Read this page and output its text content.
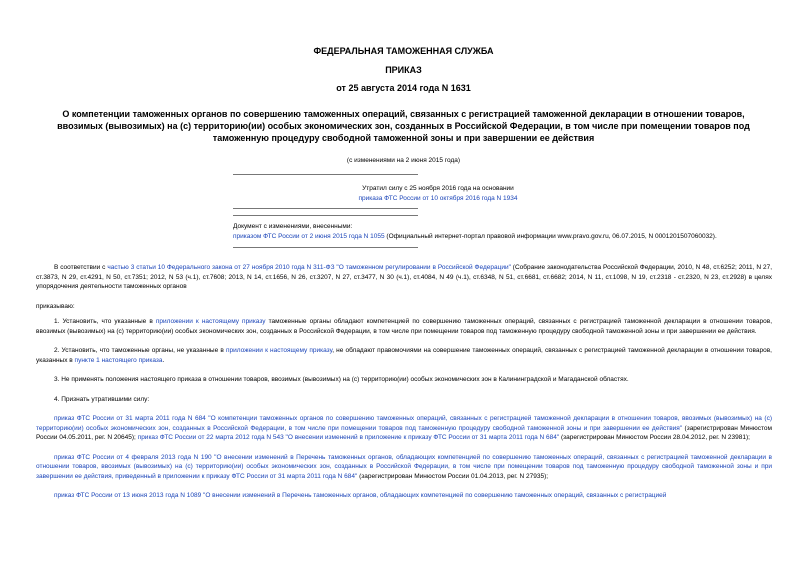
ФЕДЕРАЛЬНАЯ ТАМОЖЕННАЯ СЛУЖБА
ПРИКАЗ
от 25 августа 2014 года N 1631
О компетенции таможенных органов по совершению таможенных операций, связанных с регистрацией таможенной декларации в отношении товаров, ввозимых (вывозимых) на (с) территорию(ии) особых экономических зон, созданных в Российской Федерации, в том числе при помещении товаров под таможенную процедуру свободной таможенной зоны и при завершении ее действия
(с изменениями на 2 июня 2015 года)
Утратил силу с 25 ноября 2016 года на основании
приказа ФТС России от 10 октября 2016 года N 1934
Документ с изменениями, внесенными:
приказом ФТС России от 2 июня 2015 года N 1055 (Официальный интернет-портал правовой информации www.pravo.gov.ru, 06.07.2015, N 0001201507060032).

В соответствии с частью 3 статьи 10 Федерального закона от 27 ноября 2010 года N 311-ФЗ "О таможенном регулировании в Российской Федерации" (Собрание законодательства Российской Федерации, 2010, N 48, ст.6252; 2011, N 27, ст.3873, N 29, ст.4291, N 50, ст.7351; 2012, N 53 (ч.1), ст.7608; 2013, N 14, ст.1656, N 26, ст.3207, N 27, ст.3477, N 30 (ч.1), ст.4084, N 49 (ч.1), ст.6348, N 51, ст.6681, ст.6682; 2014, N 11, ст.1098, N 19, ст.2318 - ст.2320, N 23, ст.2928) в целях упорядочения деятельности таможенных органов

приказываю:

1. Установить, что указанные в приложении к настоящему приказу таможенные органы обладают компетенцией по совершению таможенных операций, связанных с регистрацией таможенной декларации в отношении товаров, ввозимых (вывозимых) на (с) территорию(ии) особых экономических зон, созданных в Российской Федерации, в том числе при помещении товаров под таможенную процедуру свободной таможенной зоны и при завершении ее действия.

2. Установить, что таможенные органы, не указанные в приложении к настоящему приказу, не обладают правомочиями на совершение таможенных операций, связанных с регистрацией таможенной декларации в отношении товаров, указанных в пункте 1 настоящего приказа.

3. Не применять положения настоящего приказа в отношении товаров, ввозимых (вывозимых) на (с) территорию(ии) особых экономических зон в Калининградской и Магаданской областях.

4. Признать утратившими силу:

приказ ФТС России от 31 марта 2011 года N 684 "О компетенции таможенных органов по совершению таможенных операций, связанных с регистрацией таможенной декларации в отношении товаров, ввозимых (вывозимых) на (с) территорию(ии) особых экономических зон, созданных в Российской Федерации, в том числе при помещении товаров под таможенную процедуру свободной таможенной зоны и при завершении ее действия" (зарегистрирован Минюстом России 04.05.2011, рег. N 20645); приказ ФТС России от 22 марта 2012 года N 543 "О внесении изменений в приложение к приказу ФТС России от 31 марта 2011 года N 684" (зарегистрирован Минюстом России 28.04.2012, рег. N 23981);

приказ ФТС России от 4 февраля 2013 года N 190 "О внесении изменений в Перечень таможенных органов, обладающих компетенцией по совершению таможенных операций, связанных с регистрацией таможенной декларации в отношении товаров, ввозимых (вывозимых) на (с) территорию(ии) особых экономических зон, созданных в Российской Федерации, в том числе при помещении товаров под таможенную процедуру свободной таможенной зоны и при завершении ее действия, приведенный в приложении к приказу ФТС России от 31 марта 2011 года N 684" (зарегистрирован Минюстом России 01.04.2013, рег. N 27935);

приказ ФТС России от 13 июня 2013 года N 1089 "О внесении изменений в Перечень таможенных органов, обладающих компетенцией по совершению таможенных операций, связанных с регистрацией
